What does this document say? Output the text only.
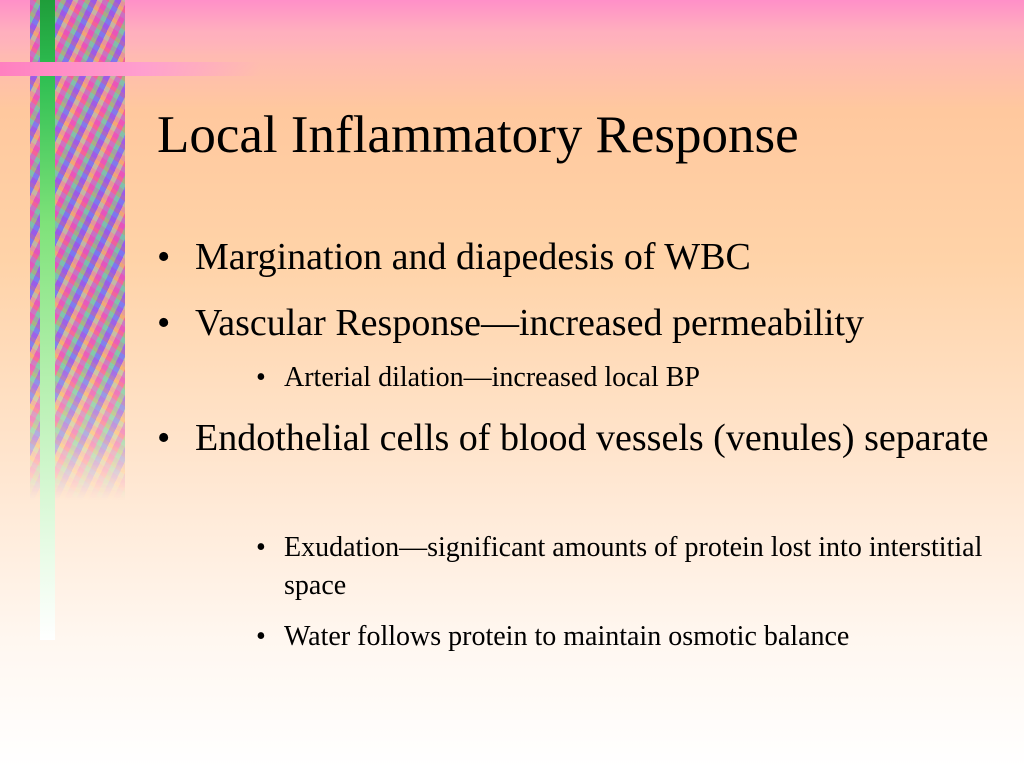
Local Inflammatory Response
• Margination and diapedesis of WBC
• Vascular Response—increased permeability
• Arterial dilation—increased local BP
• Endothelial cells of blood vessels (venules) separate
• Exudation—significant amounts of protein lost into interstitial space
• Water follows protein to maintain osmotic balance
